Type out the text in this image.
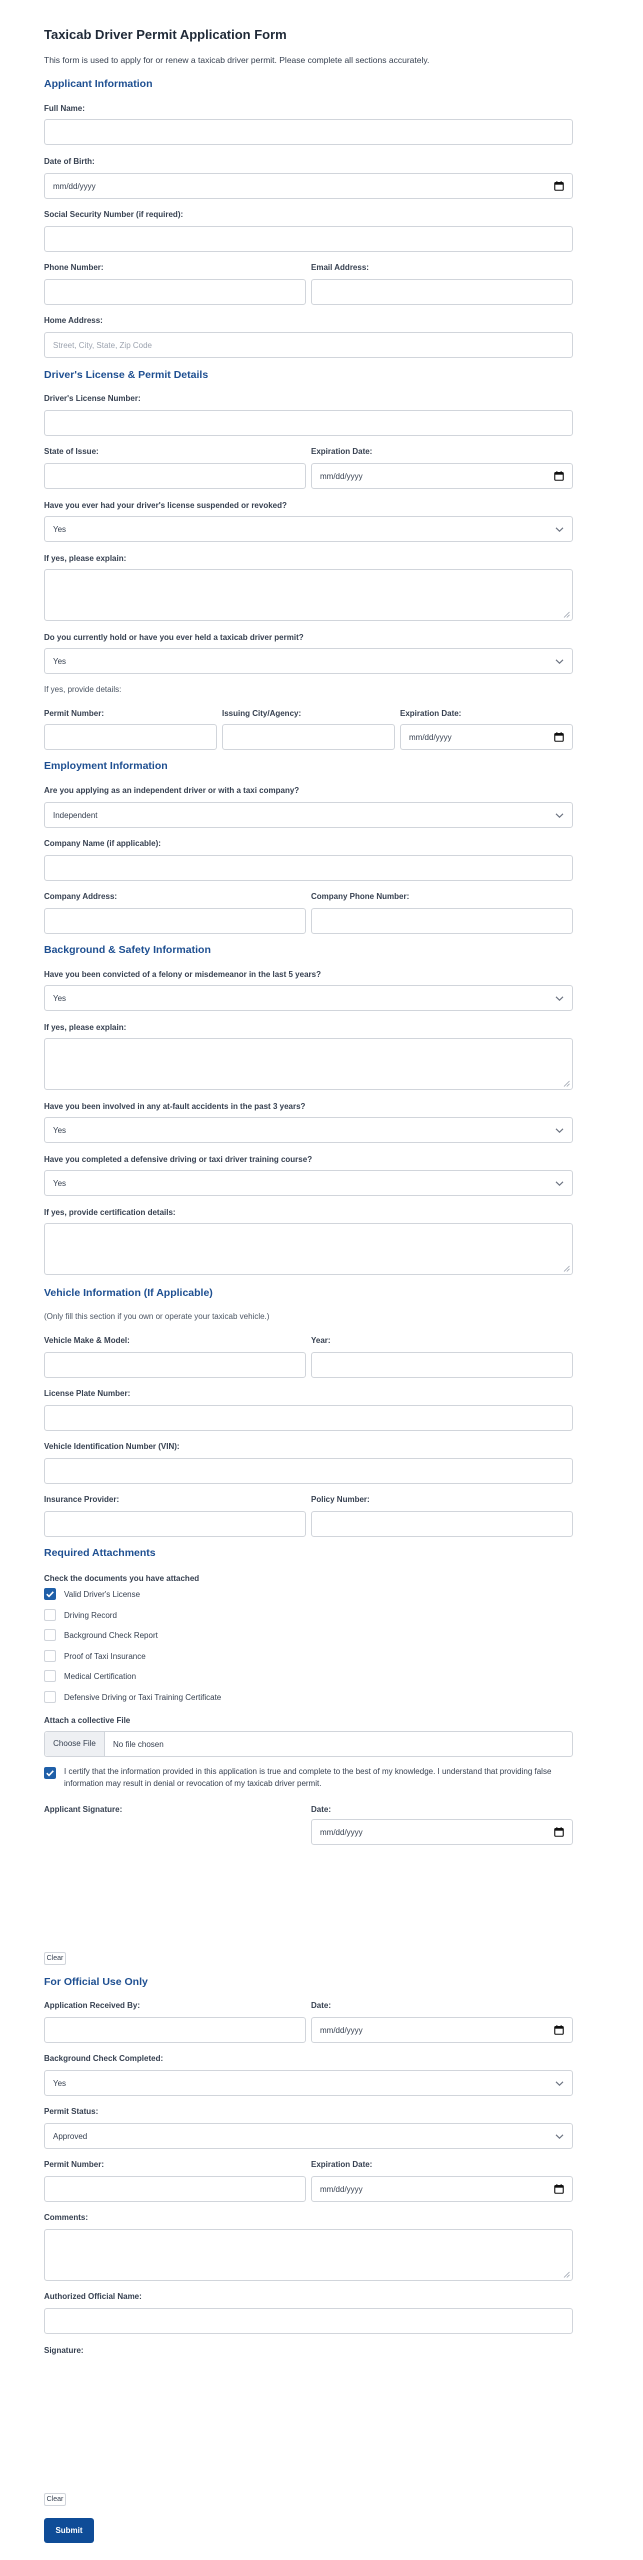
Taxicab Driver Permit Application Form
This form is used to apply for or renew a taxicab driver permit. Please complete all sections accurately.
Applicant Information
Full Name:
Date of Birth:
mm/dd/yyyy
Social Security Number (if required):
Phone Number:	Email Address:
Home Address:
Street, City, State, Zip Code
Driver's License & Permit Details
Driver's License Number:
State of Issue:	Expiration Date:
mm/dd/yyyy
Have you ever had your driver's license suspended or revoked?
Yes
If yes, please explain:
Do you currently hold or have you ever held a taxicab driver permit?
Yes
If yes, provide details:
Permit Number:	Issuing City/Agency:	Expiration Date:
mm/dd/yyyy
Employment Information
Are you applying as an independent driver or with a taxi company?
Independent
Company Name (if applicable):
Company Address:	Company Phone Number:
Background & Safety Information
Have you been convicted of a felony or misdemeanor in the last 5 years?
Yes
If yes, please explain:
Have you been involved in any at-fault accidents in the past 3 years?
Yes
Have you completed a defensive driving or taxi driver training course?
Yes
If yes, provide certification details:
Vehicle Information (If Applicable)
(Only fill this section if you own or operate your taxicab vehicle.)
Vehicle Make & Model:	Year:
License Plate Number:
Vehicle Identification Number (VIN):
Insurance Provider:	Policy Number:
Required Attachments
Check the documents you have attached
Valid Driver's License
Driving Record
Background Check Report
Proof of Taxi Insurance
Medical Certification
Defensive Driving or Taxi Training Certificate
Attach a collective File
Choose File	No file chosen
I certify that the information provided in this application is true and complete to the best of my knowledge. I understand that providing false information may result in denial or revocation of my taxicab driver permit.
Applicant Signature:	Date:
mm/dd/yyyy
Clear
For Official Use Only
Application Received By:	Date:
mm/dd/yyyy
Background Check Completed:
Yes
Permit Status:
Approved
Permit Number:	Expiration Date:
mm/dd/yyyy
Comments:
Authorized Official Name:
Signature:
Clear
Submit
